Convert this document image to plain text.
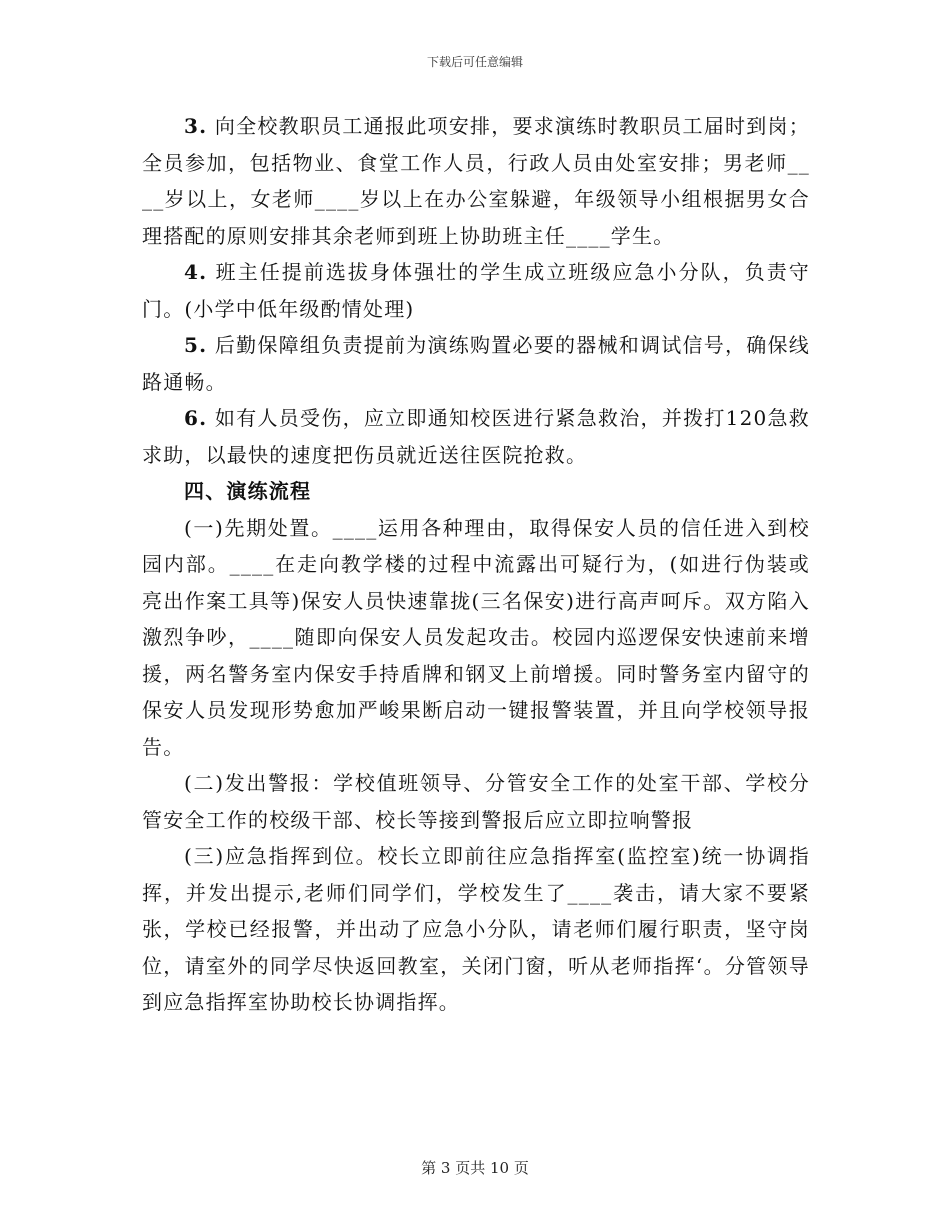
下载后可任意编辑

3. 向全校教职员工通报此项安排，要求演练时教职员工届时到岗；全员参加，包括物业、食堂工作人员，行政人员由处室安排；男老师____岁以上，女老师____岁以上在办公室躲避，年级领导小组根据男女合理搭配的原则安排其余老师到班上协助班主任____学生。

4. 班主任提前选拔身体强壮的学生成立班级应急小分队，负责守门。(小学中低年级酌情处理)

5. 后勤保障组负责提前为演练购置必要的器械和调试信号，确保线路通畅。

6. 如有人员受伤，应立即通知校医进行紧急救治，并拨打120急救求助，以最快的速度把伤员就近送往医院抢救。

四、演练流程

(一)先期处置。____运用各种理由，取得保安人员的信任进入到校园内部。____在走向教学楼的过程中流露出可疑行为，(如进行伪装或亮出作案工具等)保安人员快速靠拢(三名保安)进行高声呵斥。双方陷入激烈争吵，____随即向保安人员发起攻击。校园内巡逻保安快速前来增援，两名警务室内保安手持盾牌和钢叉上前增援。同时警务室内留守的保安人员发现形势愈加严峻果断启动一键报警装置，并且向学校领导报告。

(二)发出警报：学校值班领导、分管安全工作的处室干部、学校分管安全工作的校级干部、校长等接到警报后应立即拉响警报

(三)应急指挥到位。校长立即前往应急指挥室(监控室)统一协调指挥，并发出提示,老师们同学们，学校发生了____袭击，请大家不要紧张，学校已经报警，并出动了应急小分队，请老师们履行职责，坚守岗位，请室外的同学尽快返回教室，关闭门窗，听从老师指挥‘。分管领导到应急指挥室协助校长协调指挥。

第 3 页共 10 页
